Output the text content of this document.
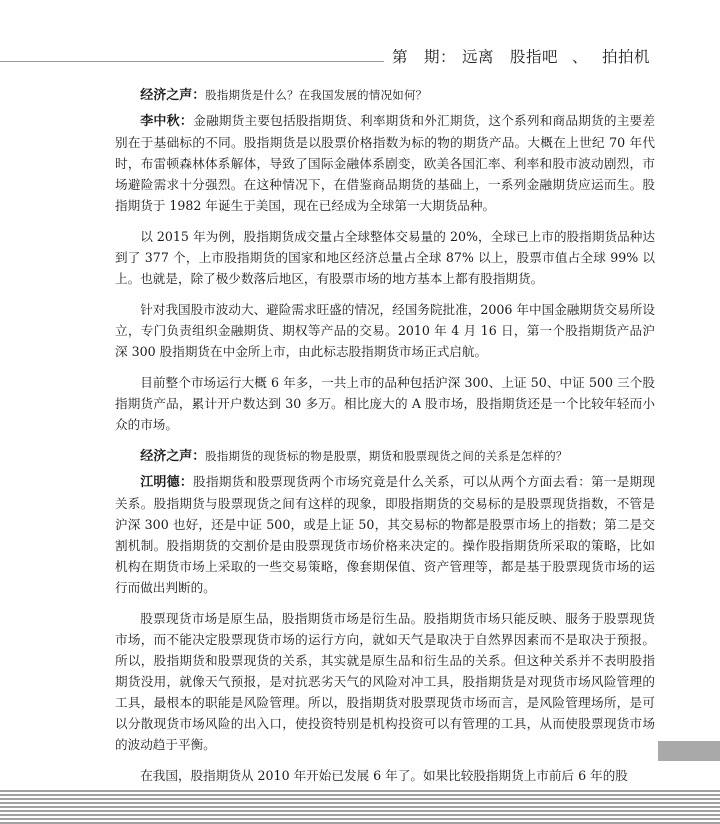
第　期： 远离　股指吧 、 拍拍机

经济之声：股指期货是什么？在我国发展的情况如何？

李中秋：金融期货主要包括股指期货、利率期货和外汇期货，这个系列和商品期货的主要差别在于基础标的不同。股指期货是以股票价格指数为标的物的期货产品。大概在上世纪 70 年代时，布雷顿森林体系解体，导致了国际金融体系剧变，欧美各国汇率、利率和股市波动剧烈，市场避险需求十分强烈。在这种情况下，在借鉴商品期货的基础上，一系列金融期货应运而生。股指期货于 1982 年诞生于美国，现在已经成为全球第一大期货品种。

以 2015 年为例，股指期货成交量占全球整体交易量的 20%，全球已上市的股指期货品种达到了 377 个，上市股指期货的国家和地区经济总量占全球 87% 以上，股票市值占全球 99% 以上。也就是，除了极少数落后地区，有股票市场的地方基本上都有股指期货。

针对我国股市波动大、避险需求旺盛的情况，经国务院批准，2006 年中国金融期货交易所设立，专门负责组织金融期货、期权等产品的交易。2010 年 4 月 16 日，第一个股指期货产品沪深 300 股指期货在中金所上市，由此标志股指期货市场正式启航。

目前整个市场运行大概 6 年多，一共上市的品种包括沪深 300、上证 50、中证 500 三个股指期货产品，累计开户数达到 30 多万。相比庞大的 A 股市场，股指期货还是一个比较年轻而小众的市场。

经济之声：股指期货的现货标的物是股票，期货和股票现货之间的关系是怎样的？

江明德：股指期货和股票现货两个市场究竟是什么关系，可以从两个方面去看：第一是期现关系。股指期货与股票现货之间有这样的现象，即股指期货的交易标的是股票现货指数，不管是沪深 300 也好，还是中证 500，或是上证 50，其交易标的物都是股票市场上的指数；第二是交割机制。股指期货的交割价是由股票现货市场价格来决定的。操作股指期货所采取的策略，比如机构在期货市场上采取的一些交易策略，像套期保值、资产管理等，都是基于股票现货市场的运行而做出判断的。

股票现货市场是原生品，股指期货市场是衍生品。股指期货市场只能反映、服务于股票现货市场，而不能决定股票现货市场的运行方向，就如天气是取决于自然界因素而不是取决于预报。所以，股指期货和股票现货的关系，其实就是原生品和衍生品的关系。但这种关系并不表明股指期货没用，就像天气预报，是对抗恶劣天气的风险对冲工具，股指期货是对现货市场风险管理的工具，最根本的职能是风险管理。所以，股指期货对股票现货市场而言，是风险管理场所，是可以分散现货市场风险的出入口，使投资特别是机构投资可以有管理的工具，从而使股票现货市场的波动趋于平衡。

在我国，股指期货从 2010 年开始已发展 6 年了。如果比较股指期货上市前后 6 年的股
